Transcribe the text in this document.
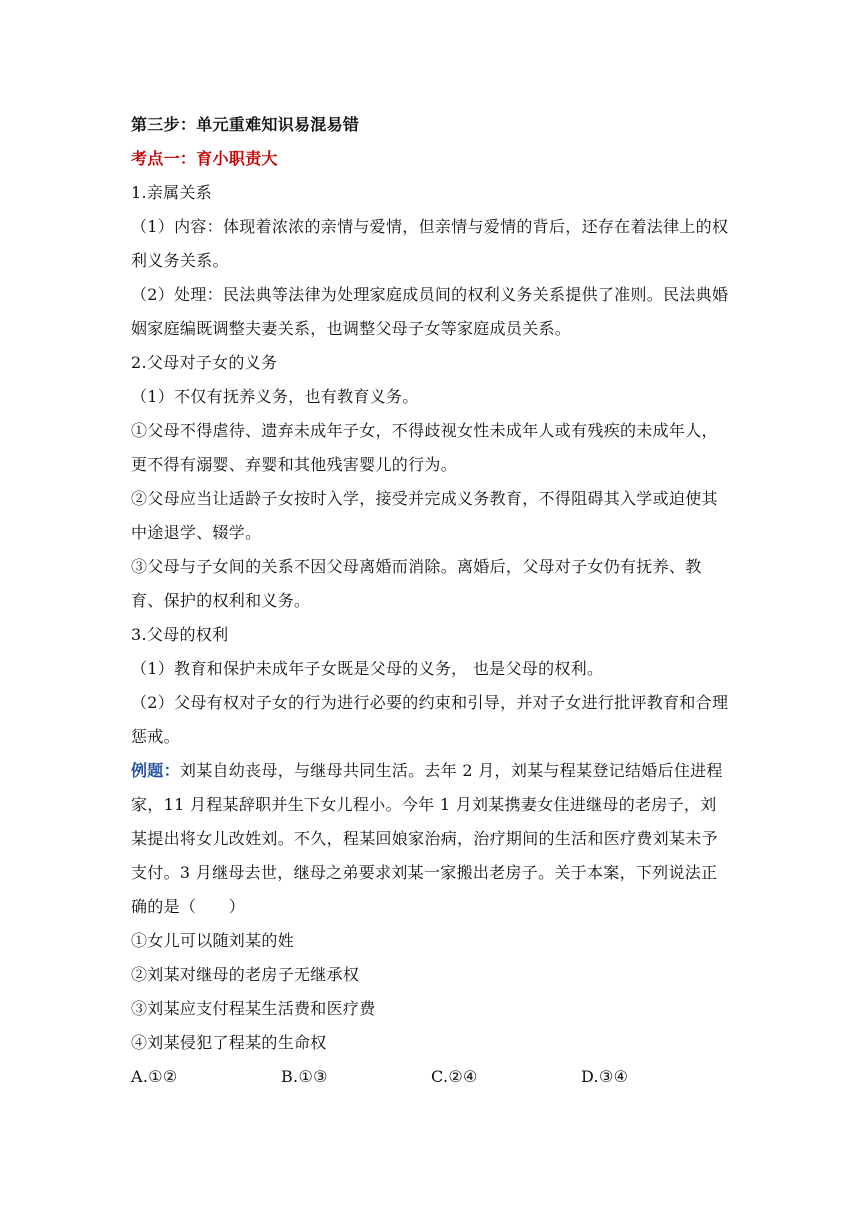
第三步：单元重难知识易混易错

考点一：育小职责大

1.亲属关系

（1）内容：体现着浓浓的亲情与爱情，但亲情与爱情的背后，还存在着法律上的权利义务关系。

（2）处理：民法典等法律为处理家庭成员间的权利义务关系提供了准则。民法典婚姻家庭编既调整夫妻关系，也调整父母子女等家庭成员关系。

2.父母对子女的义务

（1）不仅有抚养义务，也有教育义务。

①父母不得虐待、遗弃未成年子女，不得歧视女性未成年人或有残疾的未成年人，更不得有溺婴、弃婴和其他残害婴儿的行为。

②父母应当让适龄子女按时入学，接受并完成义务教育，不得阻碍其入学或迫使其中途退学、辍学。

③父母与子女间的关系不因父母离婚而消除。离婚后，父母对子女仍有抚养、教育、保护的权利和义务。

3.父母的权利

（1）教育和保护未成年子女既是父母的义务， 也是父母的权利。

（2）父母有权对子女的行为进行必要的约束和引导，并对子女进行批评教育和合理惩戒。

例题：刘某自幼丧母，与继母共同生活。去年 2 月，刘某与程某登记结婚后住进程家，11 月程某辞职并生下女儿程小。今年 1 月刘某携妻女住进继母的老房子，刘某提出将女儿改姓刘。不久，程某回娘家治病，治疗期间的生活和医疗费刘某未予支付。3 月继母去世，继母之弟要求刘某一家搬出老房子。关于本案，下列说法正确的是（　　）

①女儿可以随刘某的姓

②刘某对继母的老房子无继承权

③刘某应支付程某生活费和医疗费

④刘某侵犯了程某的生命权

A.①②	B.①③	C.②④	D.③④
